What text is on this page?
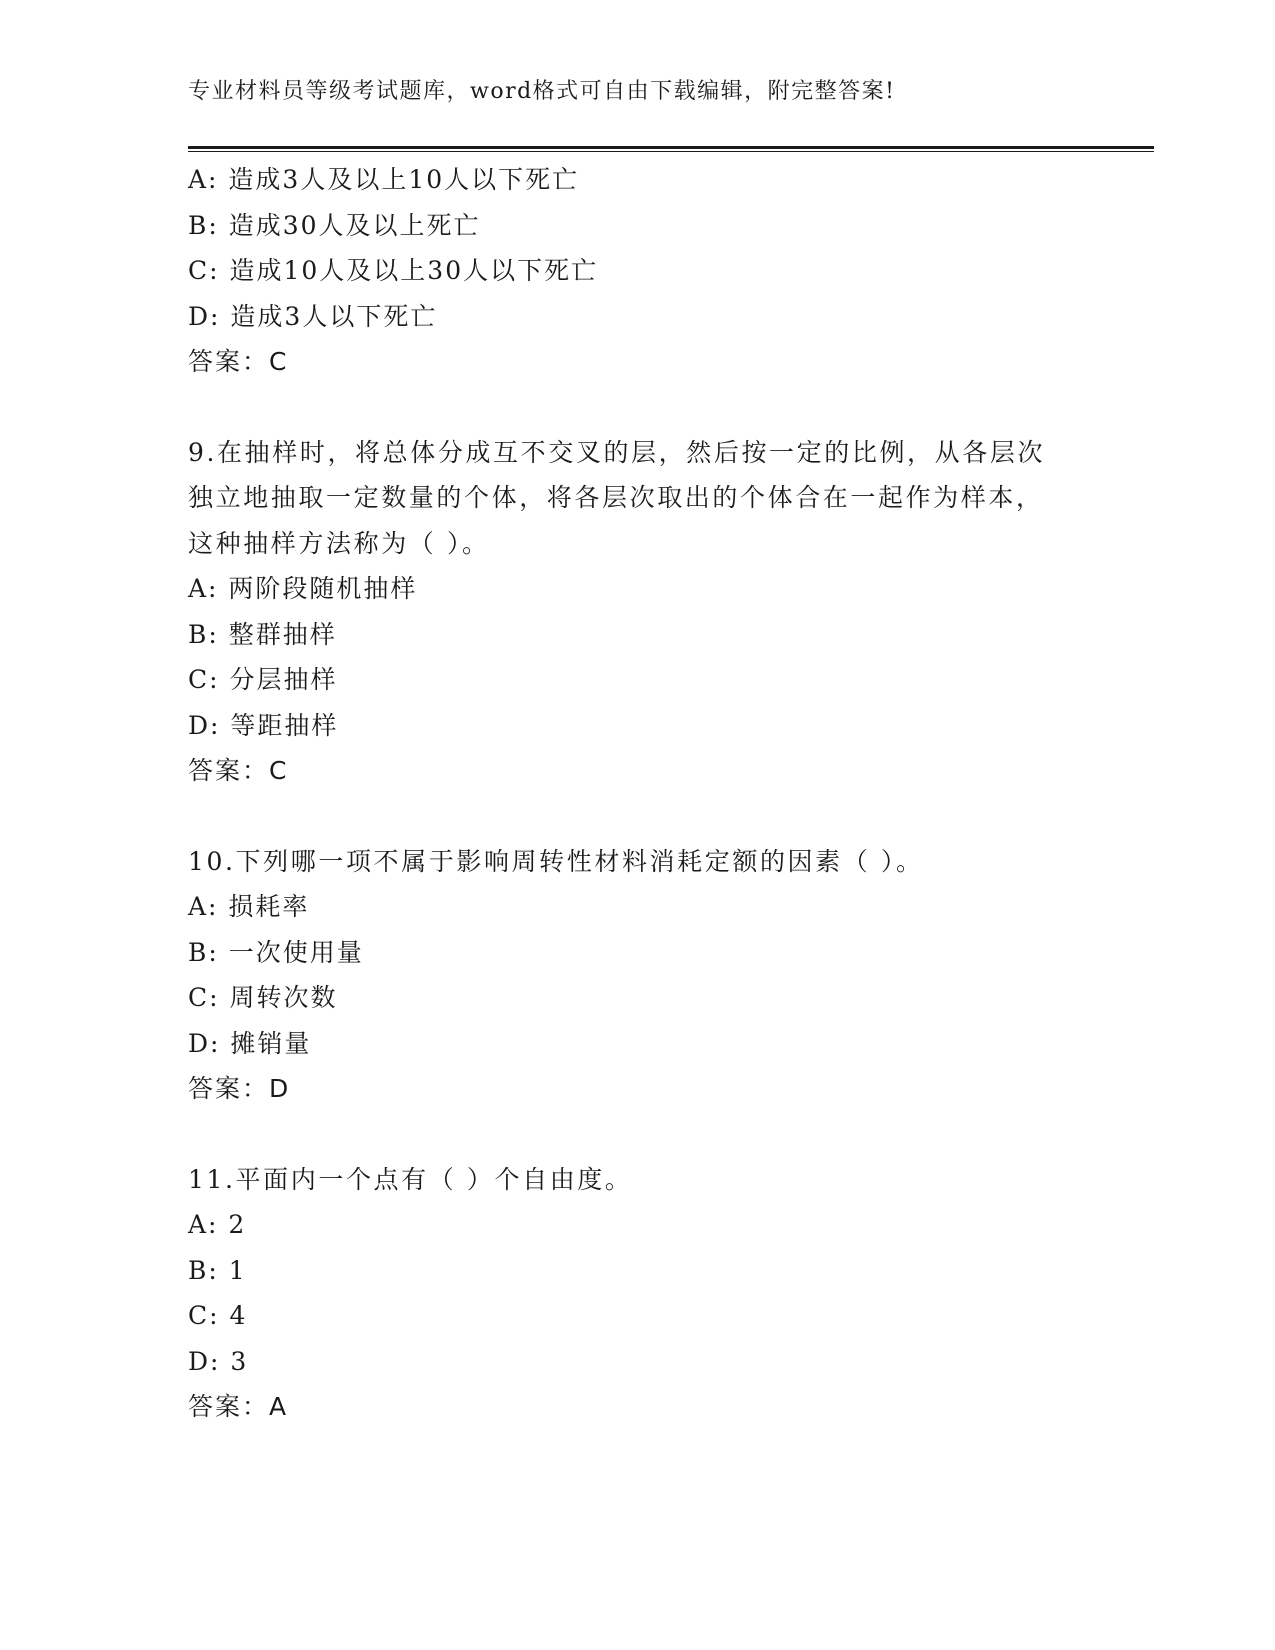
专业材料员等级考试题库，word格式可自由下载编辑，附完整答案!
A: 造成3人及以上10人以下死亡
B: 造成30人及以上死亡
C: 造成10人及以上30人以下死亡
D: 造成3人以下死亡
答案：C
9.在抽样时，将总体分成互不交叉的层，然后按一定的比例，从各层次独立地抽取一定数量的个体，将各层次取出的个体合在一起作为样本，这种抽样方法称为（ ）。
A: 两阶段随机抽样
B: 整群抽样
C: 分层抽样
D: 等距抽样
答案：C
10.下列哪一项不属于影响周转性材料消耗定额的因素（ ）。
A: 损耗率
B: 一次使用量
C: 周转次数
D: 摊销量
答案：D
11.平面内一个点有（ ）个自由度。
A: 2
B: 1
C: 4
D: 3
答案：A
